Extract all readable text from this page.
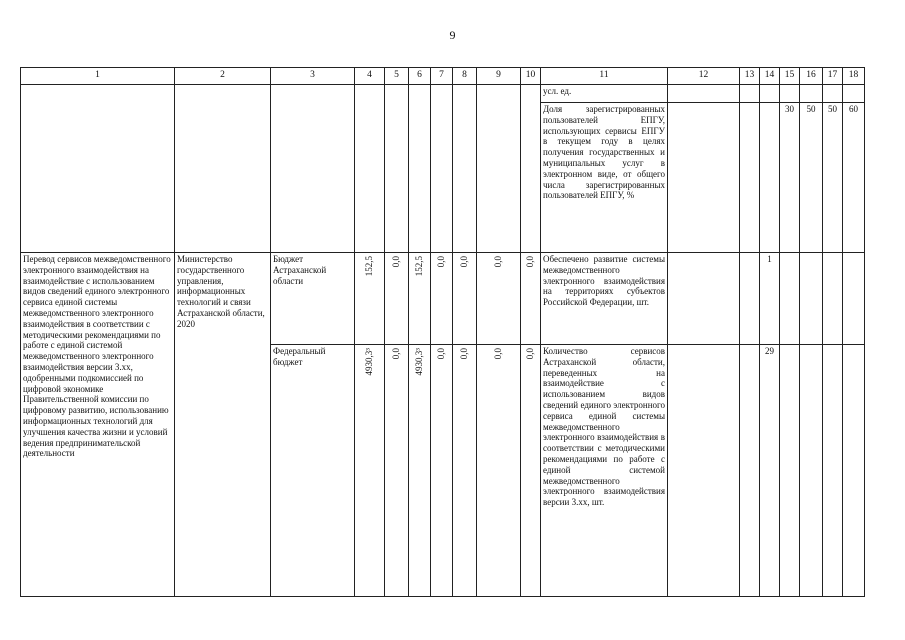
9
1	2	3	4	5	6	7	8	9	10	11	12	13	14	15	16	17	18
										усл. ед.							
										Доля зарегистрированных пользователей ЕПГУ, использующих сервисы ЕПГУ в текущем году в целях получения государственных и муниципальных услуг в электронном виде, от общего числа зарегистрированных пользователей ЕПГУ, %				30	50	50	60
Перевод сервисов межведомственного электронного взаимодействия на взаимодействие с использованием видов сведений единого электронного сервиса единой системы межведомственного электронного взаимодействия в соответствии с методическими рекомендациями по работе с единой системой межведомственного электронного взаимодействия версии 3.хх, одобренными подкомиссией по цифровой экономике Правительственной комиссии по цифровому развитию, использованию информационных технологий для улучшения качества жизни и условий ведения предпринимательской деятельности	Министерство государственного управления, информационных технологий и связи Астраханской области, 2020	Бюджет Астраханской области	152,5	0,0	152,5	0,0	0,0	0,0	0,0	Обеспечено развитие системы межведомственного электронного взаимодействия на территориях субъектов Российской Федерации, шт.			1				
		Федеральный бюджет	4930,3³	0,0	4930,3³	0,0	0,0	0,0	0,0	Количество сервисов Астраханской области, переведенных на взаимодействие с использованием видов сведений единого электронного сервиса единой системы межведомственного электронного взаимодействия в соответствии с методическими рекомендациями по работе с единой системой межведомственного электронного взаимодействия версии 3.хх, шт.			29				
